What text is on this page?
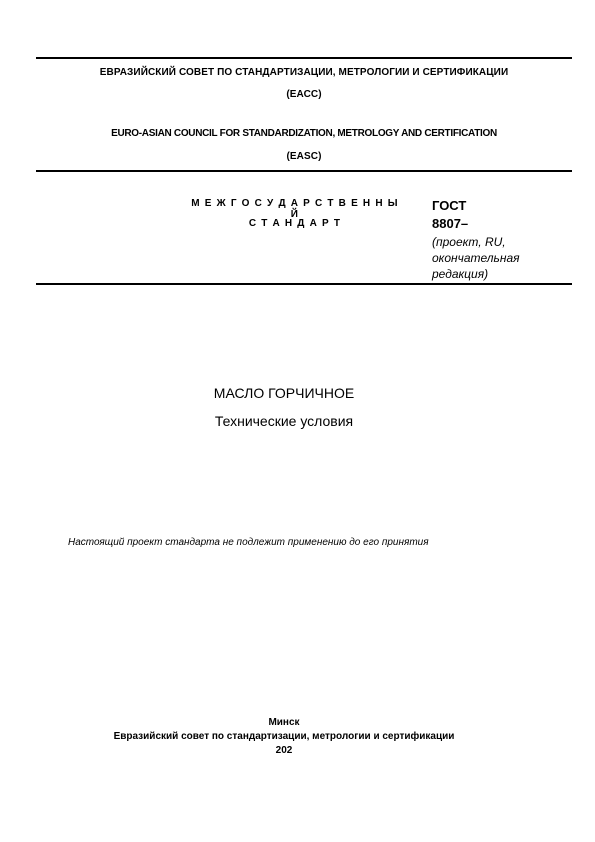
ЕВРАЗИЙСКИЙ СОВЕТ ПО СТАНДАРТИЗАЦИИ, МЕТРОЛОГИИ И СЕРТИФИКАЦИИ
(ЕАСС)
EURO-ASIAN COUNCIL FOR STANDARDIZATION, METROLOGY AND CERTIFICATION
(EASC)
М Е Ж Г О С У Д А Р С Т В Е Н Н Ы Й
С Т А Н Д А Р Т
ГОСТ
8807–
(проект, RU,
окончательная
редакция)
МАСЛО ГОРЧИЧНОЕ
Технические условия
Настоящий проект стандарта не подлежит применению до его принятия
Минск
Евразийский совет по стандартизации, метрологии и сертификации
202
